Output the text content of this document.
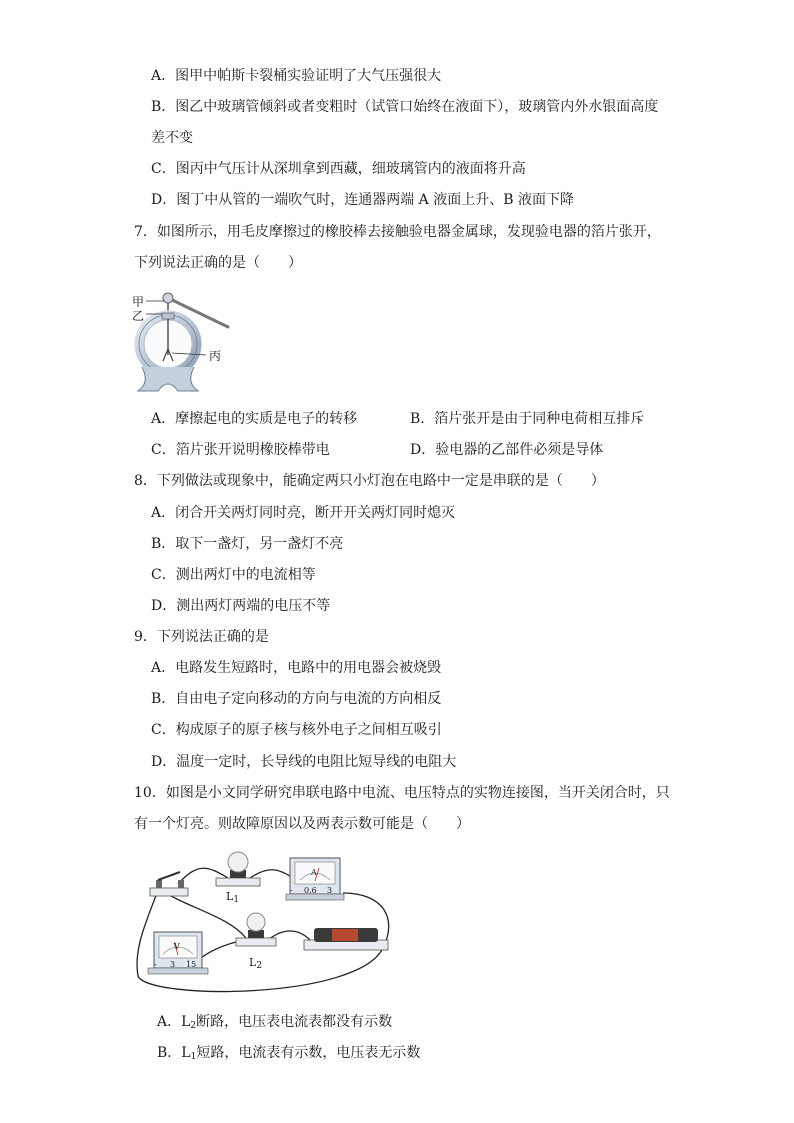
A．图甲中帕斯卡裂桶实验证明了大气压强很大
B．图乙中玻璃管倾斜或者变粗时（试管口始终在液面下），玻璃管内外水银面高度
差不变
C．图丙中气压计从深圳拿到西藏，细玻璃管内的液面将升高
D．图丁中从管的一端吹气时，连通器两端 A 液面上升、B 液面下降
7．如图所示，用毛皮摩擦过的橡胶棒去接触验电器金属球，发现验电器的箔片张开，
下列说法正确的是（　　）
甲
乙
丙
A．摩擦起电的实质是电子的转移	B．箔片张开是由于同种电荷相互排斥
C．箔片张开说明橡胶棒带电	D．验电器的乙部件必须是导体
8．下列做法或现象中，能确定两只小灯泡在电路中一定是串联的是（　　）
A．闭合开关两灯同时亮，断开开关两灯同时熄灭
B．取下一盏灯，另一盏灯不亮
C．测出两灯中的电流相等
D．测出两灯两端的电压不等
9．下列说法正确的是
A．电路发生短路时，电路中的用电器会被烧毁
B．自由电子定向移动的方向与电流的方向相反
C．构成原子的原子核与核外电子之间相互吸引
D．温度一定时，长导线的电阻比短导线的电阻大
10．如图是小文同学研究串联电路中电流、电压特点的实物连接图，当开关闭合时，只
有一个灯亮。则故障原因以及两表示数可能是（　　）
$L_1$
$L_2$
A
- 0.6 3
V
- 3 15
A．$L_2$断路，电压表电流表都没有示数
B．$L_1$短路，电流表有示数，电压表无示数
